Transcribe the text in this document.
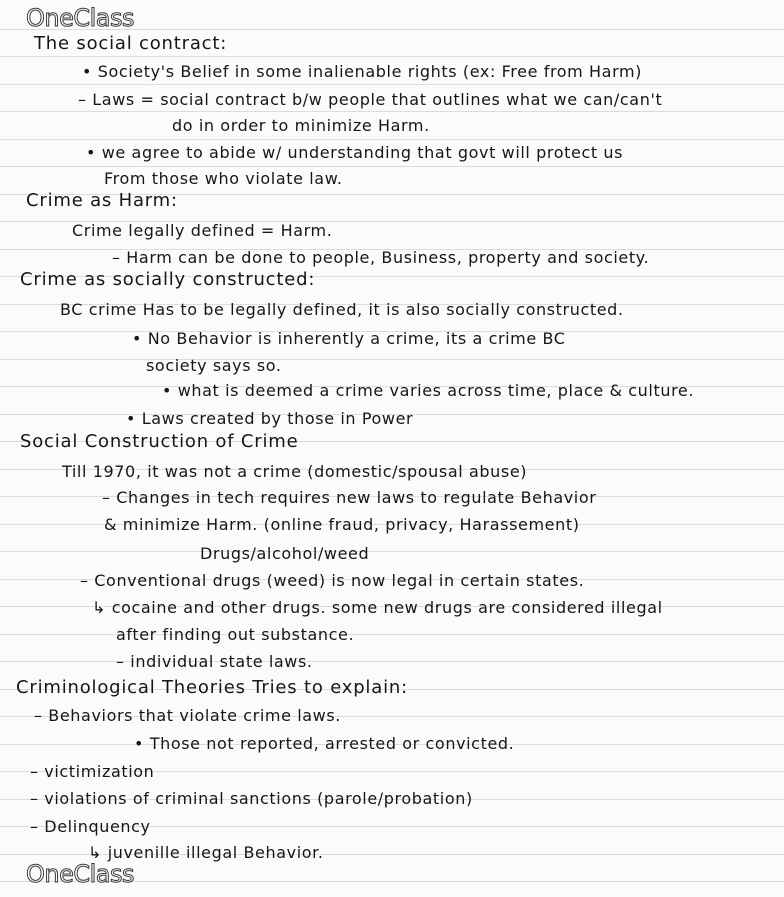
OneClass
OneClass
The social contract:
• Society's Belief in some inalienable rights (ex: Free from Harm)
– Laws = social contract b/w people that outlines what we can/can't
do in order to minimize Harm.
• we agree to abide w/ understanding that govt will protect us
From those who violate law.
Crime as Harm:
Crime legally defined = Harm.
– Harm can be done to people, Business, property and society.
Crime as socially constructed:
BC crime Has to be legally defined, it is also socially constructed.
• No Behavior is inherently a crime, its a crime BC
society says so.
• what is deemed a crime varies across time, place & culture.
• Laws created by those in Power
Social Construction of Crime
Till 1970, it was not a crime (domestic/spousal abuse)
– Changes in tech requires new laws to regulate Behavior
& minimize Harm. (online fraud, privacy, Harassement)
Drugs/alcohol/weed
– Conventional drugs (weed) is now legal in certain states.
↳ cocaine and other drugs. some new drugs are considered illegal
after finding out substance.
– individual state laws.
Criminological Theories Tries to explain:
– Behaviors that violate crime laws.
• Those not reported, arrested or convicted.
– victimization
– violations of criminal sanctions (parole/probation)
– Delinquency
↳ juvenille illegal Behavior.
